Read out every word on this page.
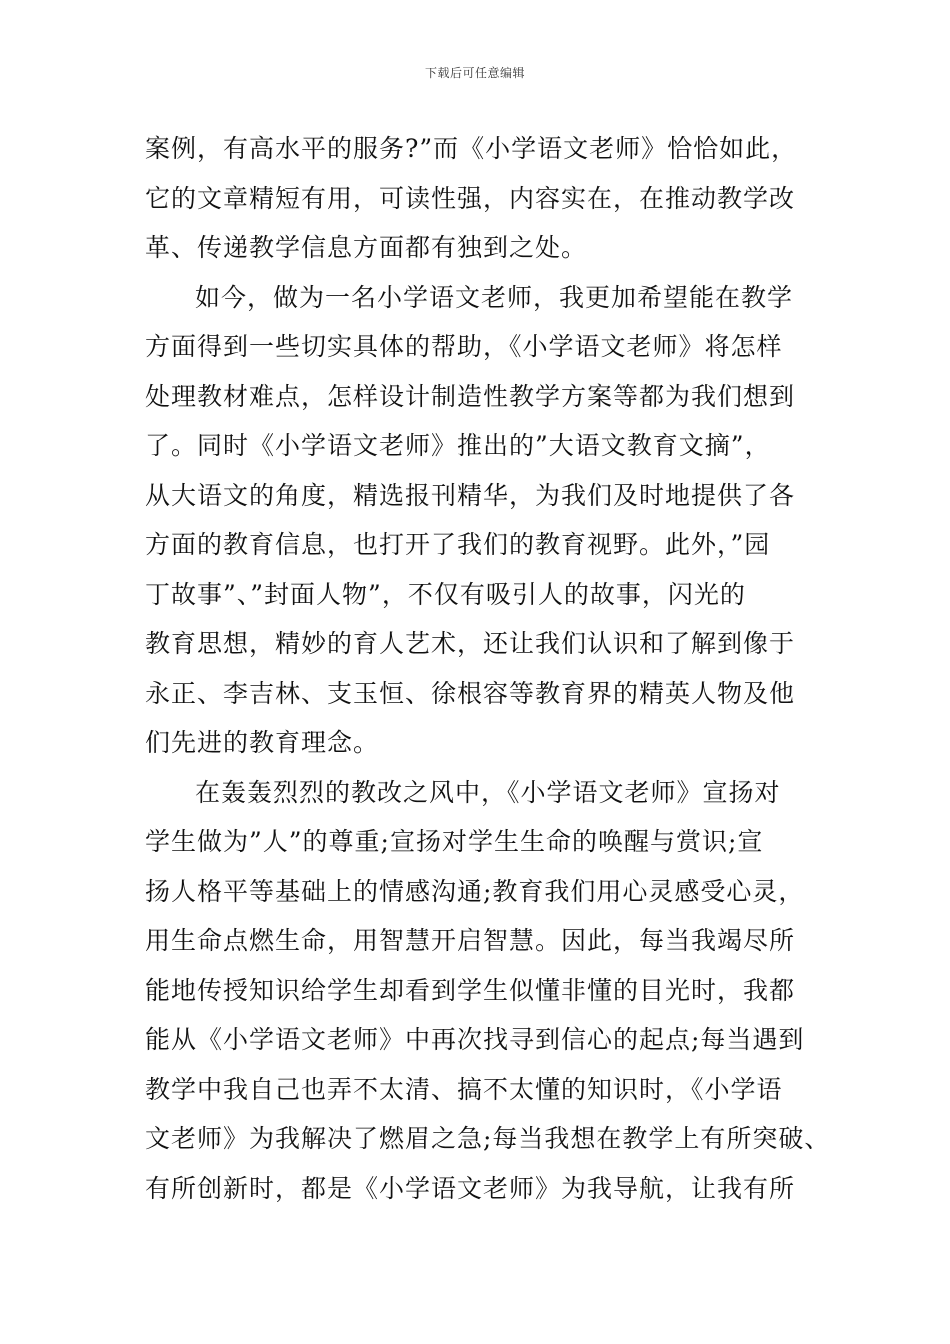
下载后可任意编辑
案例，有高水平的服务?”而《小学语文老师》恰恰如此，
它的文章精短有用，可读性强，内容实在，在推动教学改
革、传递教学信息方面都有独到之处。
如今，做为一名小学语文老师，我更加希望能在教学
方面得到一些切实具体的帮助，《小学语文老师》将怎样
处理教材难点，怎样设计制造性教学方案等都为我们想到
了。同时《小学语文老师》推出的”大语文教育文摘”，
从大语文的角度，精选报刊精华，为我们及时地提供了各
方面的教育信息，也打开了我们的教育视野。此外，”园
丁故事”、”封面人物”，不仅有吸引人的故事，闪光的
教育思想，精妙的育人艺术，还让我们认识和了解到像于
永正、李吉林、支玉恒、徐根容等教育界的精英人物及他
们先进的教育理念。
在轰轰烈烈的教改之风中，《小学语文老师》宣扬对
学生做为”人”的尊重;宣扬对学生生命的唤醒与赏识;宣
扬人格平等基础上的情感沟通;教育我们用心灵感受心灵，
用生命点燃生命，用智慧开启智慧。因此，每当我竭尽所
能地传授知识给学生却看到学生似懂非懂的目光时，我都
能从《小学语文老师》中再次找寻到信心的起点;每当遇到
教学中我自己也弄不太清、搞不太懂的知识时，《小学语
文老师》为我解决了燃眉之急;每当我想在教学上有所突破、
有所创新时，都是《小学语文老师》为我导航，让我有所
